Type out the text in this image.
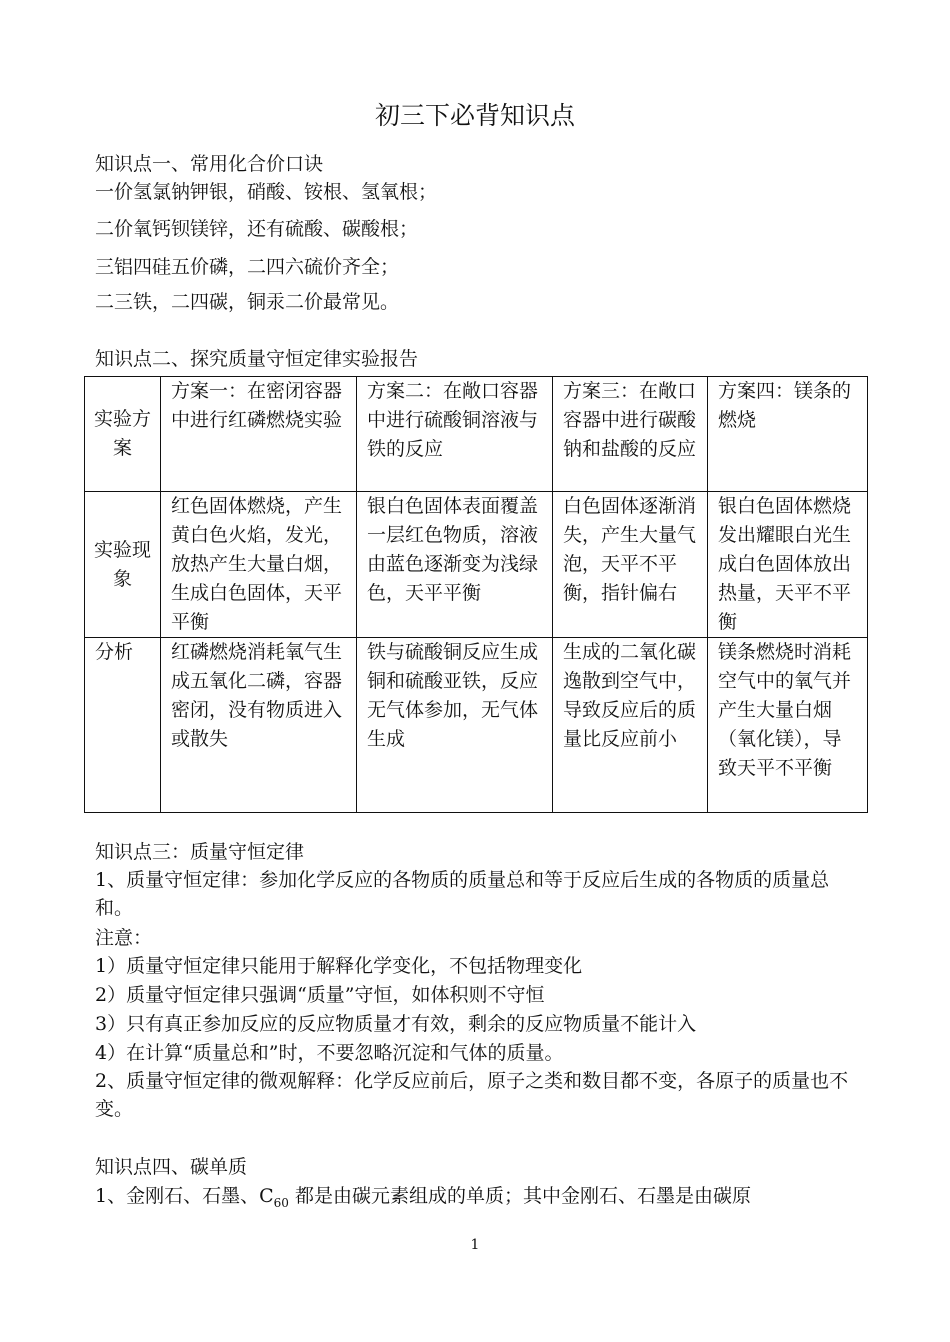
初三下必背知识点
知识点一、常用化合价口诀
一价氢氯钠钾银，硝酸、铵根、氢氧根；
二价氧钙钡镁锌，还有硫酸、碳酸根；
三铝四硅五价磷，二四六硫价齐全；
二三铁，二四碳，铜汞二价最常见。
知识点二、探究质量守恒定律实验报告
实验方案	方案一：在密闭容器中进行红磷燃烧实验	方案二：在敞口容器中进行硫酸铜溶液与铁的反应	方案三：在敞口容器中进行碳酸钠和盐酸的反应	方案四：镁条的燃烧
实验现象	红色固体燃烧，产生黄白色火焰，发光，放热产生大量白烟，生成白色固体，天平平衡	银白色固体表面覆盖一层红色物质，溶液由蓝色逐渐变为浅绿色，天平平衡	白色固体逐渐消失，产生大量气泡，天平不平衡，指针偏右	银白色固体燃烧发出耀眼白光生成白色固体放出热量，天平不平衡
分析	红磷燃烧消耗氧气生成五氧化二磷，容器密闭，没有物质进入或散失	铁与硫酸铜反应生成铜和硫酸亚铁，反应无气体参加，无气体生成	生成的二氧化碳逸散到空气中，导致反应后的质量比反应前小	镁条燃烧时消耗空气中的氧气并产生大量白烟（氧化镁），导致天平不平衡
知识点三：质量守恒定律
1、质量守恒定律：参加化学反应的各物质的质量总和等于反应后生成的各物质的质量总和。
注意：
1）质量守恒定律只能用于解释化学变化，不包括物理变化
2）质量守恒定律只强调“质量”守恒，如体积则不守恒
3）只有真正参加反应的反应物质量才有效，剩余的反应物质量不能计入
4）在计算“质量总和”时，不要忽略沉淀和气体的质量。
2、质量守恒定律的微观解释：化学反应前后，原子之类和数目都不变，各原子的质量也不变。
知识点四、碳单质
1、金刚石、石墨、$C_{60}$ 都是由碳元素组成的单质；其中金刚石、石墨是由碳原
1
